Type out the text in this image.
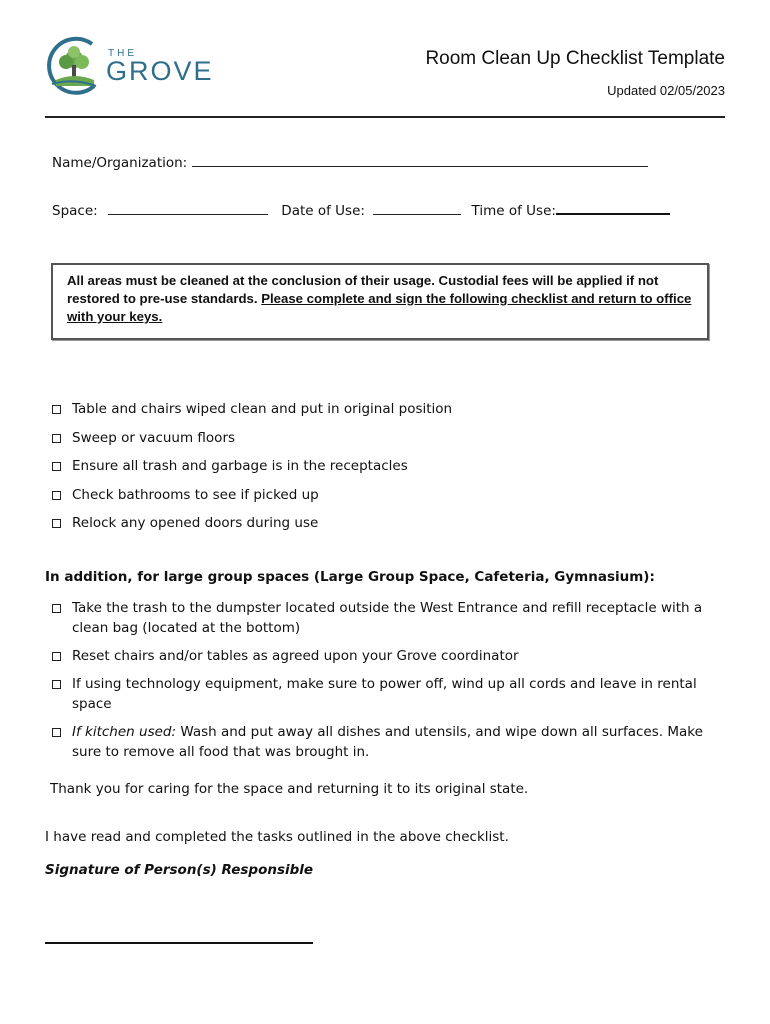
THE
GROVE	Room Clean Up Checklist Template
Updated 02/05/2023
Name/Organization:
Space:	Date of Use:	Time of Use:
All areas must be cleaned at the conclusion of their usage. Custodial fees will be applied if not restored to pre-use standards. Please complete and sign the following checklist and return to office with your keys.
Table and chairs wiped clean and put in original position
Sweep or vacuum floors
Ensure all trash and garbage is in the receptacles
Check bathrooms to see if picked up
Relock any opened doors during use
In addition, for large group spaces (Large Group Space, Cafeteria, Gymnasium):
Take the trash to the dumpster located outside the West Entrance and refill receptacle with a clean bag (located at the bottom)
Reset chairs and/or tables as agreed upon your Grove coordinator
If using technology equipment, make sure to power off, wind up all cords and leave in rental space
If kitchen used: Wash and put away all dishes and utensils, and wipe down all surfaces. Make sure to remove all food that was brought in.
Thank you for caring for the space and returning it to its original state.
I have read and completed the tasks outlined in the above checklist.
Signature of Person(s) Responsible
